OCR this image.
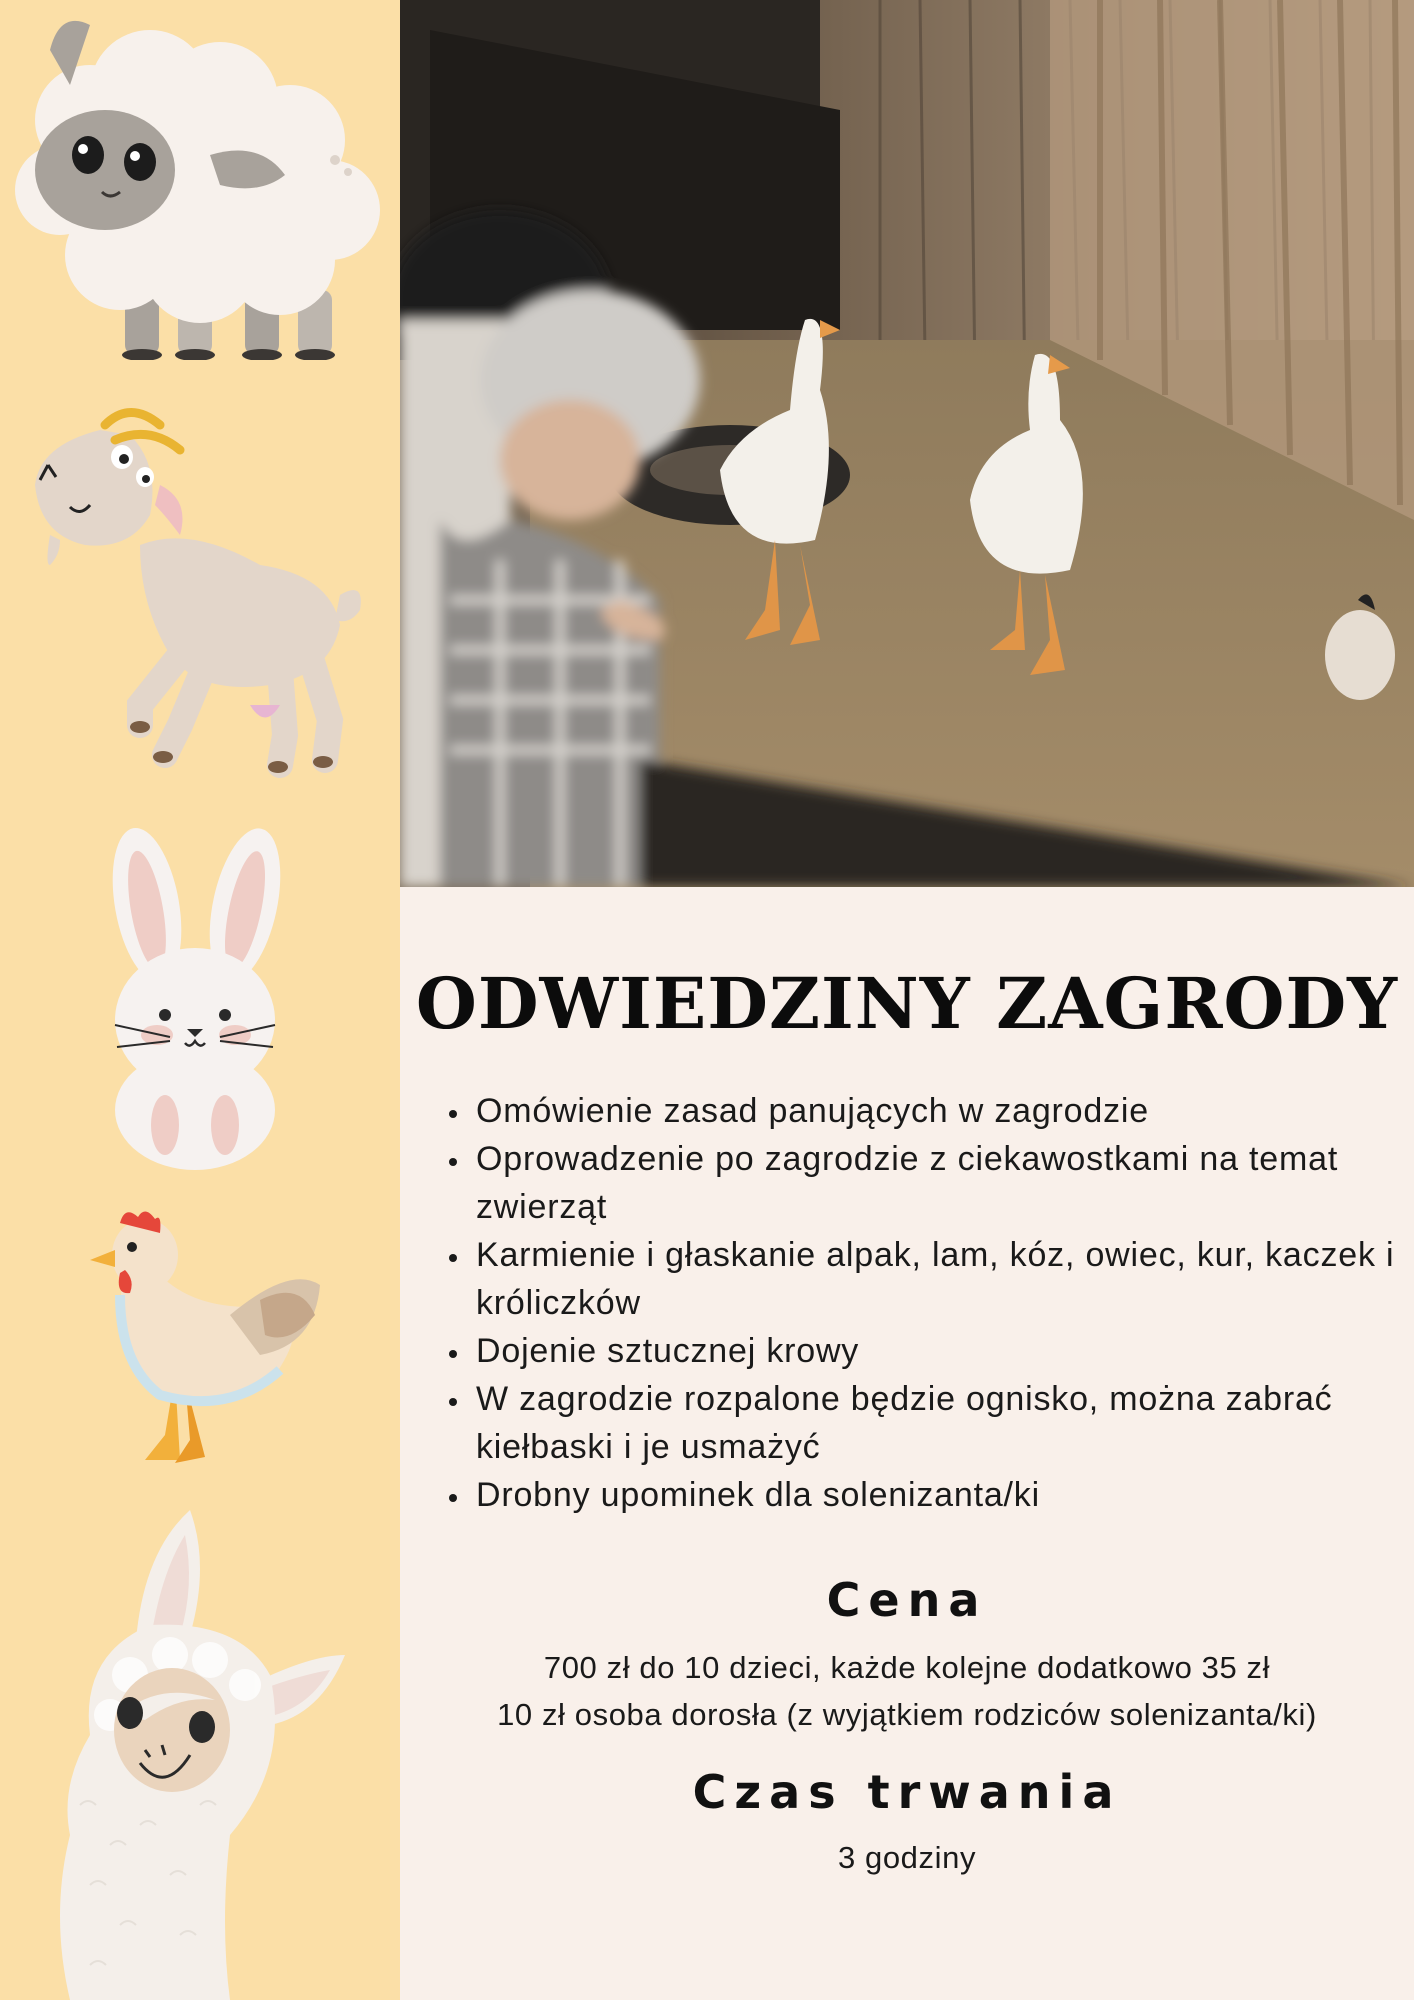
ODWIEDZINY ZAGRODY
• Omówienie zasad panujących w zagrodzie
• Oprowadzenie po zagrodzie z ciekawostkami na temat zwierząt
• Karmienie i głaskanie alpak, lam, kóz, owiec, kur, kaczek i króliczków
• Dojenie sztucznej krowy
• W zagrodzie rozpalone będzie ognisko, można zabrać kiełbaski i je usmażyć
• Drobny upominek dla solenizanta/ki
Cena

700 zł do 10 dzieci, każde kolejne dodatkowo 35 zł

10 zł osoba dorosła (z wyjątkiem rodziców solenizanta/ki)

Czas trwania

3 godziny
